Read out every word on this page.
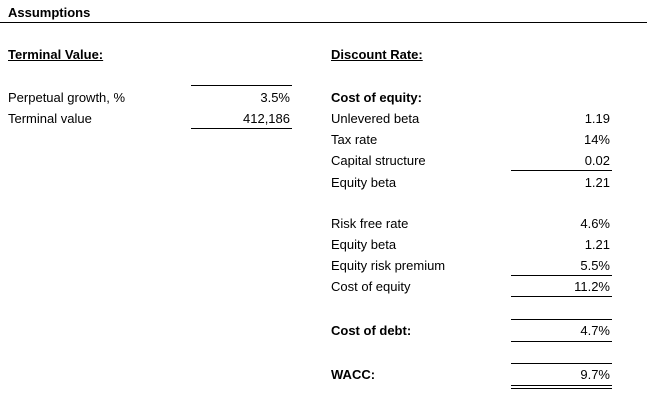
Assumptions
Terminal Value:
Perpetual growth, %	3.5%
Terminal value	412,186
Discount Rate:
Cost of equity:
Unlevered beta	1.19
Tax rate	14%
Capital structure	0.02
Equity beta	1.21
Risk free rate	4.6%
Equity beta	1.21
Equity risk premium	5.5%
Cost of equity	11.2%
Cost of debt:	4.7%
WACC:	9.7%
